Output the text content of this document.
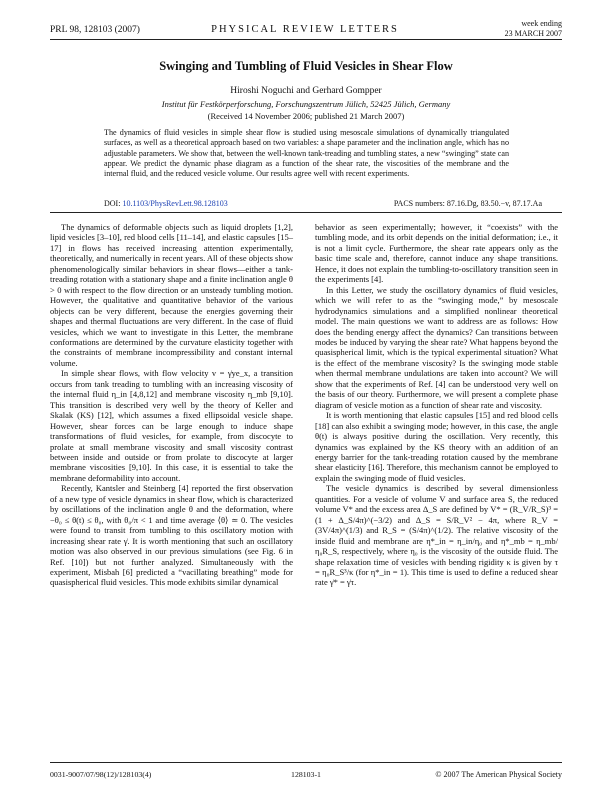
PRL 98, 128103 (2007)	PHYSICAL REVIEW LETTERS
week ending
23 MARCH 2007
Swinging and Tumbling of Fluid Vesicles in Shear Flow
Hiroshi Noguchi and Gerhard Gompper
Institut für Festkörperforschung, Forschungszentrum Jülich, 52425 Jülich, Germany
(Received 14 November 2006; published 21 March 2007)
The dynamics of fluid vesicles in simple shear flow is studied using mesoscale simulations of dynamically triangulated surfaces, as well as a theoretical approach based on two variables: a shape parameter and the inclination angle, which has no adjustable parameters. We show that, between the well-known tank-treading and tumbling states, a new “swinging” state can appear. We predict the dynamic phase diagram as a function of the shear rate, the viscosities of the membrane and the internal fluid, and the reduced vesicle volume. Our results agree well with recent experiments.
DOI: 10.1103/PhysRevLett.98.128103	PACS numbers: 87.16.Dg, 83.50.−v, 87.17.Aa

The dynamics of deformable objects such as liquid droplets [1,2], lipid vesicles [3–10], red blood cells [11–14], and elastic capsules [15–17] in flows has received increasing attention experimentally, theoretically, and numerically in recent years. All of these objects show phenomenologically similar behaviors in shear flows—either a tank-treading rotation with a stationary shape and a finite inclination angle θ > 0 with respect to the flow direction or an unsteady tumbling motion. However, the qualitative and quantitative behavior of the various objects can be very different, because the energies governing their shapes and thermal fluctuations are very different. In the case of fluid vesicles, which we want to investigate in this Letter, the membrane conformations are determined by the curvature elasticity together with the constraints of membrane incompressibility and constant internal volume.

In simple shear flows, with flow velocity v = γ̇ye_x, a transition occurs from tank treading to tumbling with an increasing viscosity of the internal fluid η_in [4,8,12] and membrane viscosity η_mb [9,10]. This transition is described very well by the theory of Keller and Skalak (KS) [12], which assumes a fixed ellipsoidal vesicle shape. However, shear forces can be large enough to induce shape transformations of fluid vesicles, for example, from discocyte to prolate at small membrane viscosity and small viscosity contrast between inside and outside or from prolate to discocyte at larger membrane viscosities [9,10]. In this case, it is essential to take the membrane deformability into account.

Recently, Kantsler and Steinberg [4] reported the first observation of a new type of vesicle dynamics in shear flow, which is characterized by oscillations of the inclination angle θ and the deformation, where −θ₀ ≤ θ(t) ≤ θ₀, with θ₀/π < 1 and time average ⟨θ⟩ ≃ 0. The vesicles were found to transit from tumbling to this oscillatory motion with increasing shear rate γ̇. It is worth mentioning that such an oscillatory motion was also observed in our previous simulations (see Fig. 6 in Ref. [10]) but not further analyzed. Simultaneously with the experiment, Misbah [6] predicted a “vacillating breathing” mode for quasispherical fluid vesicles. This mode exhibits similar dynamical

behavior as seen experimentally; however, it “coexists” with the tumbling mode, and its orbit depends on the initial deformation; i.e., it is not a limit cycle. Furthermore, the shear rate appears only as the basic time scale and, therefore, cannot induce any shape transitions. Hence, it does not explain the tumbling-to-oscillatory transition seen in the experiments [4].

In this Letter, we study the oscillatory dynamics of fluid vesicles, which we will refer to as the “swinging mode,” by mesoscale hydrodynamics simulations and a simplified nonlinear theoretical model. The main questions we want to address are as follows: How does the bending energy affect the dynamics? Can transitions between modes be induced by varying the shear rate? What happens beyond the quasispherical limit, which is the typical experimental situation? What is the effect of the membrane viscosity? Is the swinging mode stable when thermal membrane undulations are taken into account? We will show that the experiments of Ref. [4] can be understood very well on the basis of our theory. Furthermore, we will present a complete phase diagram of vesicle motion as a function of shear rate and viscosity.

It is worth mentioning that elastic capsules [15] and red blood cells [18] can also exhibit a swinging mode; however, in this case, the angle θ(t) is always positive during the oscillation. Very recently, this dynamics was explained by the KS theory with an addition of an energy barrier for the tank-treading rotation caused by the membrane shear elasticity [16]. Therefore, this mechanism cannot be employed to explain the swinging mode of fluid vesicles.

The vesicle dynamics is described by several dimensionless quantities. For a vesicle of volume V and surface area S, the reduced volume V* and the excess area Δ_S are defined by V* = (R_V/R_S)³ = (1 + Δ_S/4π)^(−3/2) and Δ_S = S/R_V² − 4π, where R_V = (3V/4π)^(1/3) and R_S = (S/4π)^(1/2). The relative viscosity of the inside fluid and membrane are η*_in = η_in/η₀ and η*_mb = η_mb/η₀R_S, respectively, where η₀ is the viscosity of the outside fluid. The shape relaxation time of vesicles with bending rigidity κ is given by τ = η₀R_S³/κ (for η*_in = 1). This time is used to define a reduced shear rate γ̇* = γ̇τ.

0031-9007/07/98(12)/128103(4)	128103-1	© 2007 The American Physical Society
